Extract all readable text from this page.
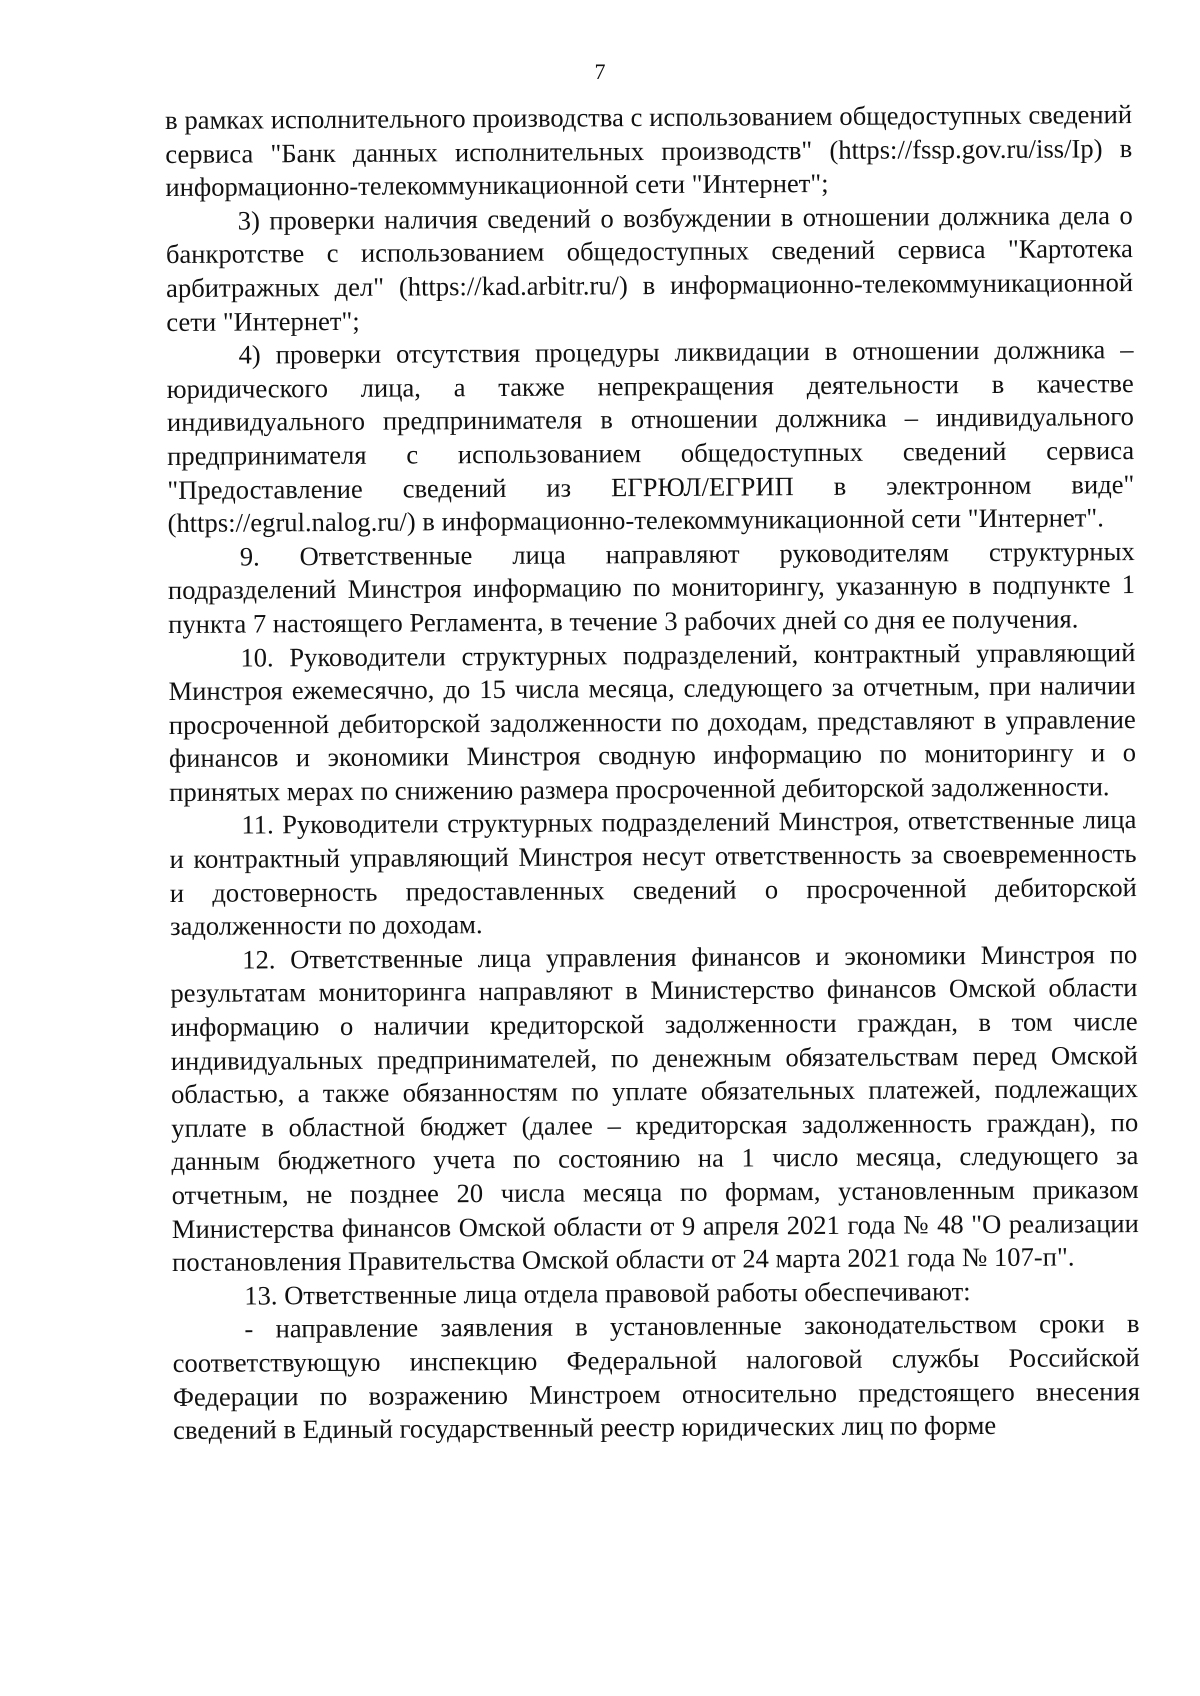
7

в рамках исполнительного производства с использованием общедоступных сведений сервиса "Банк данных исполнительных производств" (https://fssp.gov.ru/iss/Ip) в информационно-телекоммуникационной сети "Интернет";

3) проверки наличия сведений о возбуждении в отношении должника дела о банкротстве с использованием общедоступных сведений сервиса "Картотека арбитражных дел" (https://kad.arbitr.ru/) в информационно-телекоммуникационной сети "Интернет";

4) проверки отсутствия процедуры ликвидации в отношении должника – юридического лица, а также непрекращения деятельности в качестве индивидуального предпринимателя в отношении должника – индивидуального предпринимателя с использованием общедоступных сведений сервиса "Предоставление сведений из ЕГРЮЛ/ЕГРИП в электронном виде" (https://egrul.nalog.ru/) в информационно-телекоммуникационной сети "Интернет".

9. Ответственные лица направляют руководителям структурных подразделений Минстроя информацию по мониторингу, указанную в подпункте 1 пункта 7 настоящего Регламента, в течение 3 рабочих дней со дня ее получения.

10. Руководители структурных подразделений, контрактный управляющий Минстроя ежемесячно, до 15 числа месяца, следующего за отчетным, при наличии просроченной дебиторской задолженности по доходам, представляют в управление финансов и экономики Минстроя сводную информацию по мониторингу и о принятых мерах по снижению размера просроченной дебиторской задолженности.

11. Руководители структурных подразделений Минстроя, ответственные лица и контрактный управляющий Минстроя несут ответственность за своевременность и достоверность предоставленных сведений о просроченной дебиторской задолженности по доходам.

12. Ответственные лица управления финансов и экономики Минстроя по результатам мониторинга направляют в Министерство финансов Омской области информацию о наличии кредиторской задолженности граждан, в том числе индивидуальных предпринимателей, по денежным обязательствам перед Омской областью, а также обязанностям по уплате обязательных платежей, подлежащих уплате в областной бюджет (далее – кредиторская задолженность граждан), по данным бюджетного учета по состоянию на 1 число месяца, следующего за отчетным, не позднее 20 числа месяца по формам, установленным приказом Министерства финансов Омской области от 9 апреля 2021 года № 48 "О реализации постановления Правительства Омской области от 24 марта 2021 года № 107-п".

13. Ответственные лица отдела правовой работы обеспечивают:

- направление заявления в установленные законодательством сроки в соответствующую инспекцию Федеральной налоговой службы Российской Федерации по возражению Минстроем относительно предстоящего внесения сведений в Единый государственный реестр юридических лиц по форме
